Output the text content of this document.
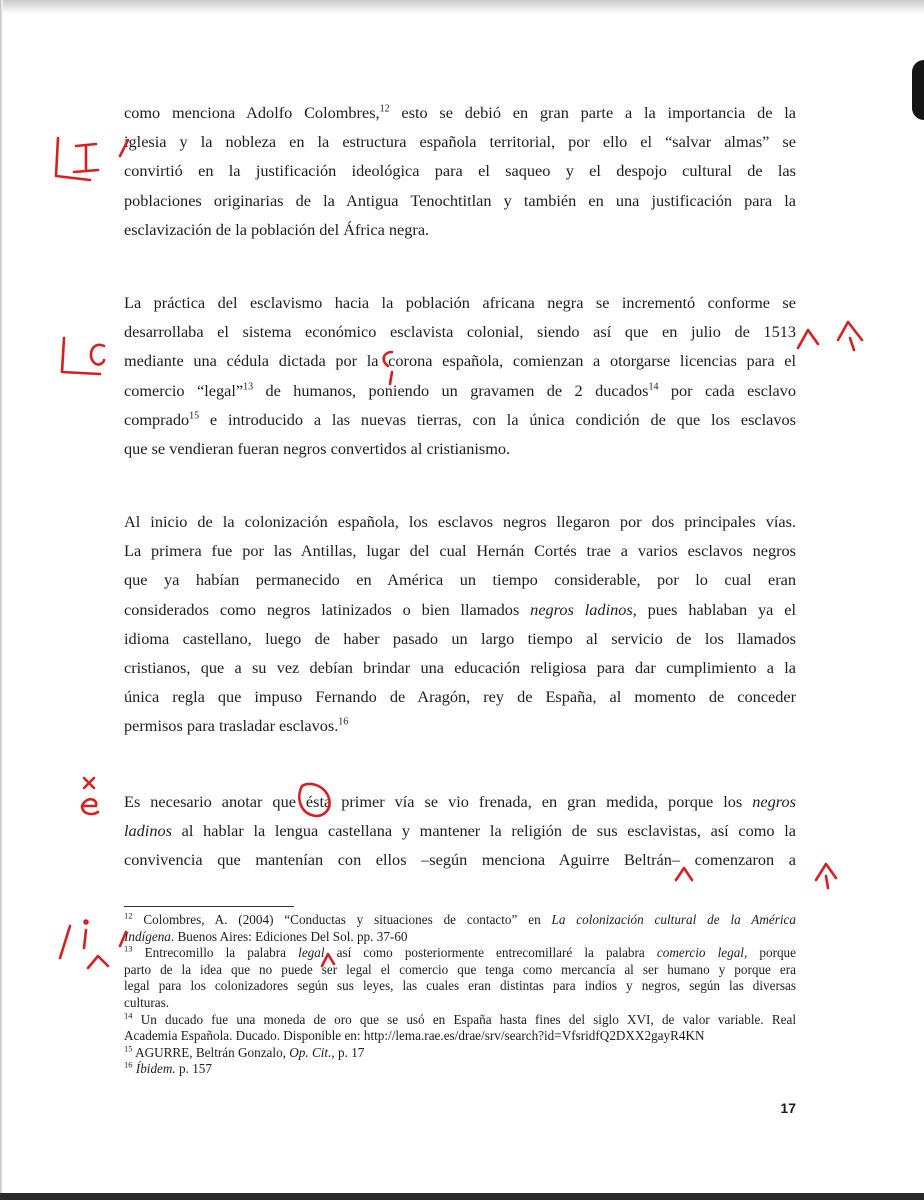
como menciona Adolfo Colombres,$^{12}$ esto se debió en gran parte a la importancia de la
iglesia y la nobleza en la estructura española territorial, por ello el “salvar almas” se
convirtió en la justificación ideológica para el saqueo y el despojo cultural de las
poblaciones originarias de la Antigua Tenochtitlan y también en una justificación para la
esclavización de la población del África negra.
La práctica del esclavismo hacia la población africana negra se incrementó conforme se
desarrollaba el sistema económico esclavista colonial, siendo así que en julio de 1513
mediante una cédula dictada por la corona española, comienzan a otorgarse licencias para el
comercio “legal”$^{13}$ de humanos, poniendo un gravamen de 2 ducados$^{14}$ por cada esclavo
comprado$^{15}$ e introducido a las nuevas tierras, con la única condición de que los esclavos
que se vendieran fueran negros convertidos al cristianismo.
Al inicio de la colonización española, los esclavos negros llegaron por dos principales vías.
La primera fue por las Antillas, lugar del cual Hernán Cortés trae a varios esclavos negros
que ya habían permanecido en América un tiempo considerable, por lo cual eran
considerados como negros latinizados o bien llamados negros ladinos, pues hablaban ya el
idioma castellano, luego de haber pasado un largo tiempo al servicio de los llamados
cristianos, que a su vez debían brindar una educación religiosa para dar cumplimiento a la
única regla que impuso Fernando de Aragón, rey de España, al momento de conceder
permisos para trasladar esclavos.$^{16}$
Es necesario anotar que ésta primer vía se vio frenada, en gran medida, porque los negros
ladinos al hablar la lengua castellana y mantener la religión de sus esclavistas, así como la
convivencia que mantenían con ellos –según menciona Aguirre Beltrán– comenzaron a
$^{12}$ Colombres, A. (2004) “Conductas y situaciones de contacto” en La colonización cultural de la América
Indígena. Buenos Aires: Ediciones Del Sol. pp. 37-60
$^{13}$ Entrecomillo la palabra legal así como posteriormente entrecomillaré la palabra comercio legal, porque
parto de la idea que no puede ser legal el comercio que tenga como mercancía al ser humano y porque era
legal para los colonizadores según sus leyes, las cuales eran distintas para indios y negros, según las diversas
culturas.
$^{14}$ Un ducado fue una moneda de oro que se usó en España hasta fines del siglo XVI, de valor variable. Real
Academia Española. Ducado. Disponible en: http://lema.rae.es/drae/srv/search?id=VfsridfQ2DXX2gayR4KN
$^{15}$ AGURRE, Beltrán Gonzalo, Op. Cit., p. 17
$^{16}$ Íbidem. p. 157
17
